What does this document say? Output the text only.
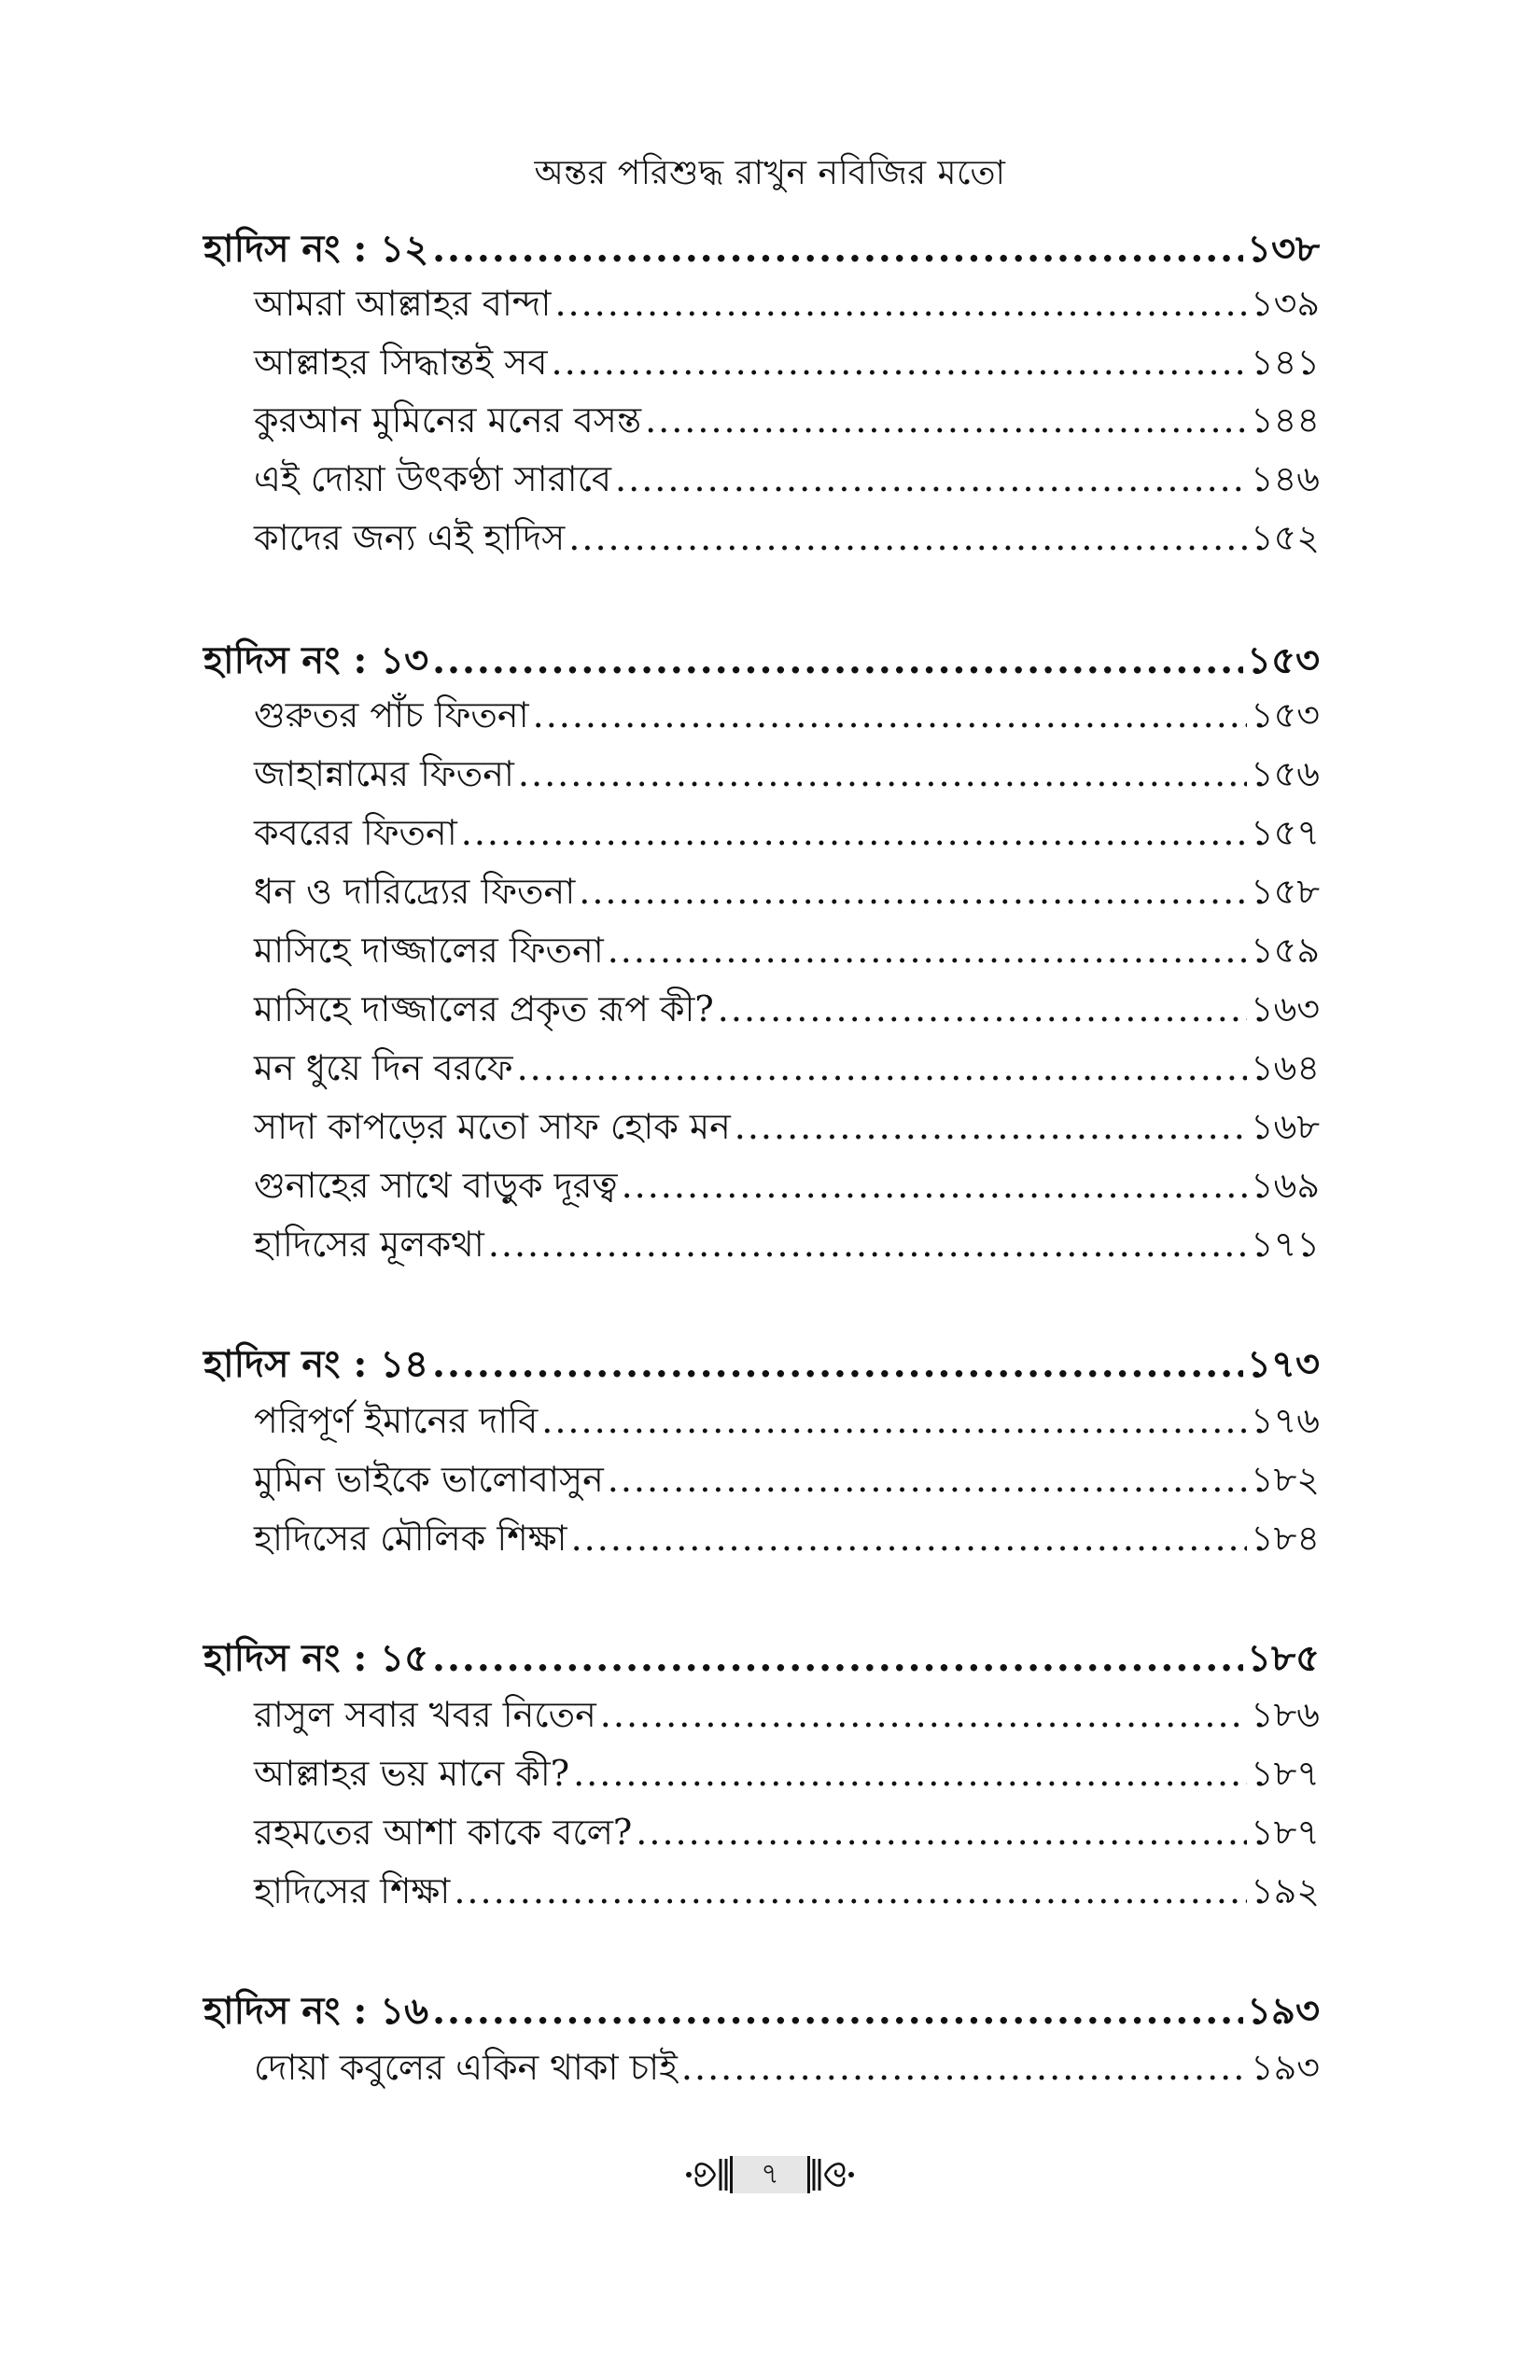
অন্তর পরিশুদ্ধ রাখুন নবিজির মতো
হাদিস নং : ১২ .....	১৩৮
আমরা আল্লাহর বান্দা .....	১৩৯
আল্লাহর সিদ্ধান্তই সব .....	১৪১
কুরআন মুমিনের মনের বসন্ত .....	১৪৪
এই দোয়া উৎকণ্ঠা সারাবে .....	১৪৬
কাদের জন্য এই হাদিস .....	১৫২
হাদিস নং : ১৩ .....	১৫৩
গুরুতর পাঁচ ফিতনা .....	১৫৩
জাহান্নামের ফিতনা .....	১৫৬
কবরের ফিতনা .....	১৫৭
ধন ও দারিদ্র্যের ফিতনা .....	১৫৮
মাসিহে দাজ্জালের ফিতনা .....	১৫৯
মাসিহে দাজ্জালের প্রকৃত রূপ কী? .....	১৬৩
মন ধুয়ে দিন বরফে .....	১৬৪
সাদা কাপড়ের মতো সাফ হোক মন .....	১৬৮
গুনাহের সাথে বাড়ুক দূরত্ব .....	১৬৯
হাদিসের মূলকথা .....	১৭১
হাদিস নং : ১৪ .....	১৭৩
পরিপূর্ণ ইমানের দাবি .....	১৭৬
মুমিন ভাইকে ভালোবাসুন .....	১৮২
হাদিসের মৌলিক শিক্ষা .....	১৮৪
হাদিস নং : ১৫ .....	১৮৫
রাসুল সবার খবর নিতেন .....	১৮৬
আল্লাহর ভয় মানে কী? .....	১৮৭
রহমতের আশা কাকে বলে? .....	১৮৭
হাদিসের শিক্ষা .....	১৯২
হাদিস নং : ১৬ .....	১৯৩
দোয়া কবুলের একিন থাকা চাই .....	১৯৩
৭
